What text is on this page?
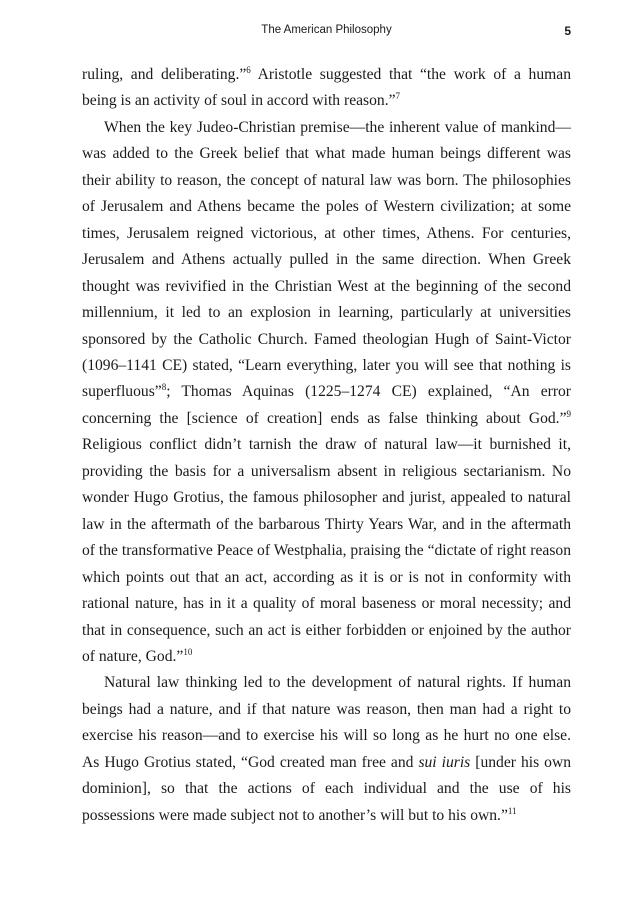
The American Philosophy	5

ruling, and deliberating.”$^6$ Aristotle suggested that “the work of a human being is an activity of soul in accord with reason.”$^7$

When the key Judeo-Christian premise—the inherent value of mankind—was added to the Greek belief that what made human beings different was their ability to reason, the concept of natural law was born. The philosophies of Jerusalem and Athens became the poles of Western civilization; at some times, Jerusalem reigned victorious, at other times, Athens. For centuries, Jerusalem and Athens actually pulled in the same direction. When Greek thought was revivified in the Christian West at the beginning of the second millennium, it led to an explosion in learning, particularly at universities sponsored by the Catholic Church. Famed theologian Hugh of Saint-Victor (1096–1141 CE) stated, “Learn everything, later you will see that nothing is superfluous”$^8$; Thomas Aquinas (1225–1274 CE) explained, “An error concerning the [science of creation] ends as false thinking about God.”$^9$ Religious conflict didn’t tarnish the draw of natural law—it burnished it, providing the basis for a universalism absent in religious sectarianism. No wonder Hugo Grotius, the famous philosopher and jurist, appealed to natural law in the aftermath of the barbarous Thirty Years War, and in the aftermath of the transformative Peace of Westphalia, praising the “dictate of right reason which points out that an act, according as it is or is not in conformity with rational nature, has in it a quality of moral baseness or moral necessity; and that in consequence, such an act is either forbidden or enjoined by the author of nature, God.”$^{10}$

Natural law thinking led to the development of natural rights. If human beings had a nature, and if that nature was reason, then man had a right to exercise his reason—and to exercise his will so long as he hurt no one else. As Hugo Grotius stated, “God created man free and sui iuris [under his own dominion], so that the actions of each individual and the use of his possessions were made subject not to another’s will but to his own.”$^{11}$
